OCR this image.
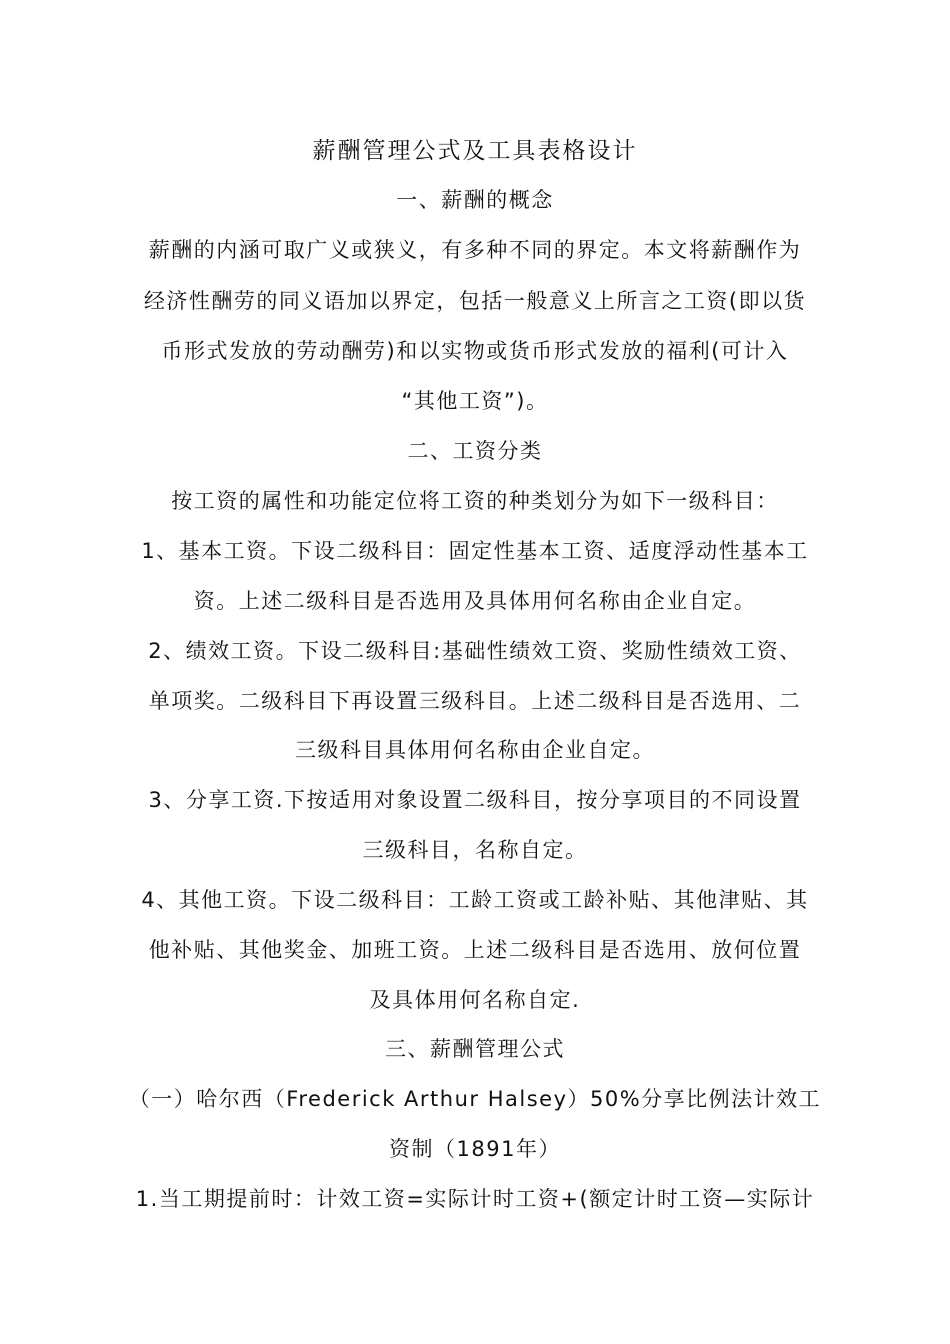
薪酬管理公式及工具表格设计
一、薪酬的概念
薪酬的内涵可取广义或狭义，有多种不同的界定。本文将薪酬作为
经济性酬劳的同义语加以界定，包括一般意义上所言之工资(即以货
币形式发放的劳动酬劳)和以实物或货币形式发放的福利(可计入
“其他工资”)。
二、工资分类
按工资的属性和功能定位将工资的种类划分为如下一级科目：
1、基本工资。下设二级科目：固定性基本工资、适度浮动性基本工
资。上述二级科目是否选用及具体用何名称由企业自定。
2、绩效工资。下设二级科目:基础性绩效工资、奖励性绩效工资、
单项奖。二级科目下再设置三级科目。上述二级科目是否选用、二
三级科目具体用何名称由企业自定。
3、分享工资.下按适用对象设置二级科目，按分享项目的不同设置
三级科目，名称自定。
4、其他工资。下设二级科目：工龄工资或工龄补贴、其他津贴、其
他补贴、其他奖金、加班工资。上述二级科目是否选用、放何位置
及具体用何名称自定.
三、薪酬管理公式
（一）哈尔西（Frederick Arthur Halsey）50%分享比例法计效工
资制（1891年）
1.当工期提前时：计效工资=实际计时工资+(额定计时工资—实际计
